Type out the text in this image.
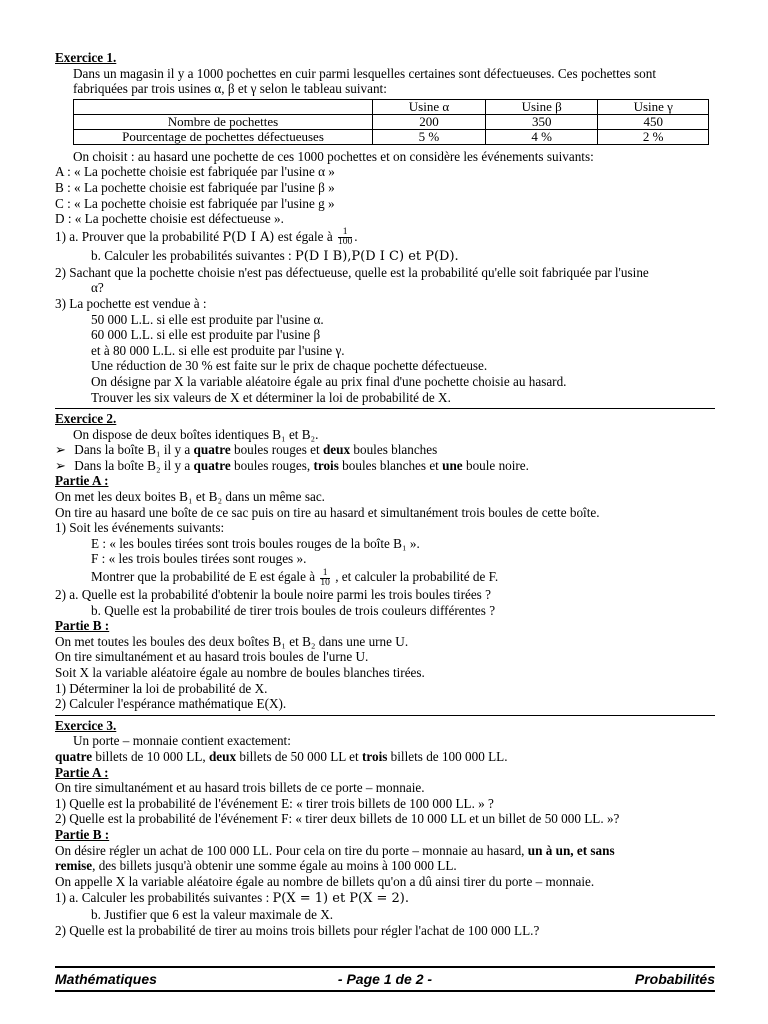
Exercice 1.
Dans un magasin il y a 1000 pochettes en cuir parmi lesquelles certaines sont défectueuses. Ces pochettes sont
fabriquées par trois usines α, β et γ selon le tableau suivant:
	Usine α	Usine β	Usine γ
Nombre de pochettes	200	350	450
Pourcentage de pochettes défectueuses	5 %	4 %	2 %
On choisit : au hasard une pochette de ces 1000 pochettes et on considère les événements suivants:
A : « La pochette choisie est fabriquée par l'usine α »
B : « La pochette choisie est fabriquée par l'usine β »
C : « La pochette choisie est fabriquée par l'usine g »
D : « La pochette choisie est défectueuse ».
1) a. Prouver que la probabilité P(D I A) est égale à $\frac{1}{100}$ .
b. Calculer les probabilités suivantes : P(D I B),P(D I C) et P(D).
2) Sachant que la pochette choisie n'est pas défectueuse, quelle est la probabilité qu'elle soit fabriquée par l'usine
α?
3) La pochette est vendue à :
50 000 L.L. si elle est produite par l'usine α.
60 000 L.L. si elle est produite par l'usine β
et à 80 000 L.L. si elle est produite par l'usine γ.
Une réduction de 30 % est faite sur le prix de chaque pochette défectueuse.
On désigne par X la variable aléatoire égale au prix final d'une pochette choisie au hasard.
Trouver les six valeurs de X et déterminer la loi de probabilité de X.
Exercice 2.
On dispose de deux boîtes identiques B₁ et B₂.
➢ Dans la boîte B₁ il y a quatre boules rouges et deux boules blanches
➢ Dans la boîte B₂ il y a quatre boules rouges, trois boules blanches et une boule noire.
Partie A :
On met les deux boites B₁ et B₂ dans un même sac.
On tire au hasard une boîte de ce sac puis on tire au hasard et simultanément trois boules de cette boîte.
1) Soit les événements suivants:
E : « les boules tirées sont trois boules rouges de la boîte B₁ ».
F : « les trois boules tirées sont rouges ».
Montrer que la probabilité de E est égale à $\frac{1}{10}$ , et calculer la probabilité de F.
2) a. Quelle est la probabilité d'obtenir la boule noire parmi les trois boules tirées ?
b. Quelle est la probabilité de tirer trois boules de trois couleurs différentes ?
Partie B :
On met toutes les boules des deux boîtes B₁ et B₂ dans une urne U.
On tire simultanément et au hasard trois boules de l'urne U.
Soit X la variable aléatoire égale au nombre de boules blanches tirées.
1) Déterminer la loi de probabilité de X.
2) Calculer l'espérance mathématique E(X).
Exercice 3.
Un porte – monnaie contient exactement:
quatre billets de 10 000 LL, deux billets de 50 000 LL et trois billets de 100 000 LL.
Partie A :
On tire simultanément et au hasard trois billets de ce porte – monnaie.
1) Quelle est la probabilité de l'événement E: « tirer trois billets de 100 000 LL. » ?
2) Quelle est la probabilité de l'événement F: « tirer deux billets de 10 000 LL et un billet de 50 000 LL. »?
Partie B :
On désire régler un achat de 100 000 LL. Pour cela on tire du porte – monnaie au hasard, un à un, et sans
remise, des billets jusqu'à obtenir une somme égale au moins à 100 000 LL.
On appelle X la variable aléatoire égale au nombre de billets qu'on a dû ainsi tirer du porte – monnaie.
1) a. Calculer les probabilités suivantes : P(X = 1) et P(X = 2).
b. Justifier que 6 est la valeur maximale de X.
2) Quelle est la probabilité de tirer au moins trois billets pour régler l'achat de 100 000 LL.?
Mathématiques	- Page 1 de 2 -	Probabilités
